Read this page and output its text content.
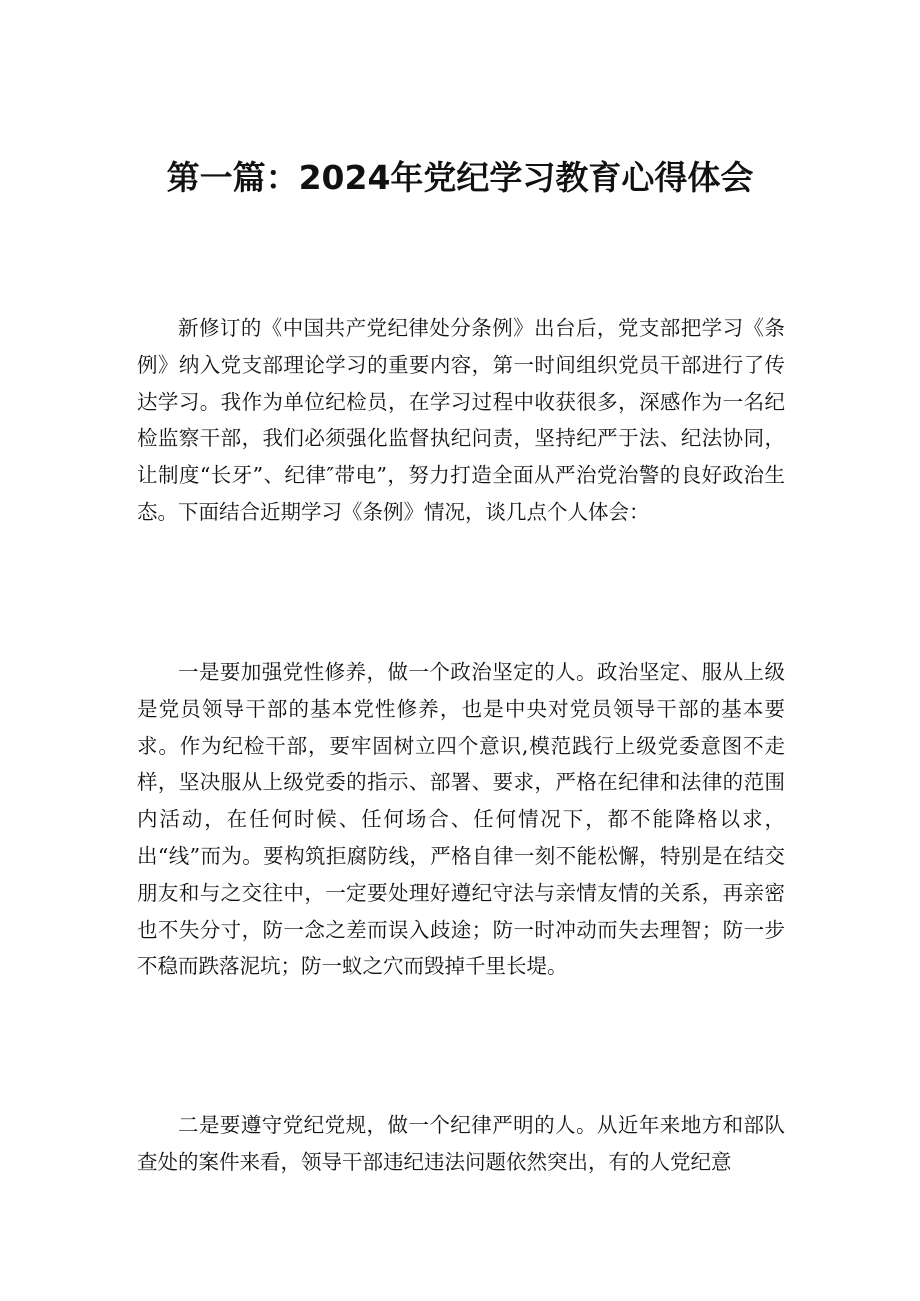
第一篇：2024年党纪学习教育心得体会

新修订的《中国共产党纪律处分条例》出台后，党支部把学习《条例》纳入党支部理论学习的重要内容，第一时间组织党员干部进行了传达学习。我作为单位纪检员，在学习过程中收获很多，深感作为一名纪检监察干部，我们必须强化监督执纪问责，坚持纪严于法、纪法协同，让制度“长牙”、纪律″带电”，努力打造全面从严治党治警的良好政治生态。下面结合近期学习《条例》情况，谈几点个人体会：

一是要加强党性修养，做一个政治坚定的人。政治坚定、服从上级是党员领导干部的基本党性修养，也是中央对党员领导干部的基本要求。作为纪检干部，要牢固树立四个意识,模范践行上级党委意图不走样，坚决服从上级党委的指示、部署、要求，严格在纪律和法律的范围内活动，在任何时候、任何场合、任何情况下，都不能降格以求，出“线”而为。要构筑拒腐防线，严格自律一刻不能松懈，特别是在结交朋友和与之交往中，一定要处理好遵纪守法与亲情友情的关系，再亲密也不失分寸，防一念之差而误入歧途；防一时冲动而失去理智；防一步不稳而跌落泥坑；防一蚁之穴而毁掉千里长堤。

二是要遵守党纪党规，做一个纪律严明的人。从近年来地方和部队查处的案件来看，领导干部违纪违法问题依然突出，有的人党纪意
